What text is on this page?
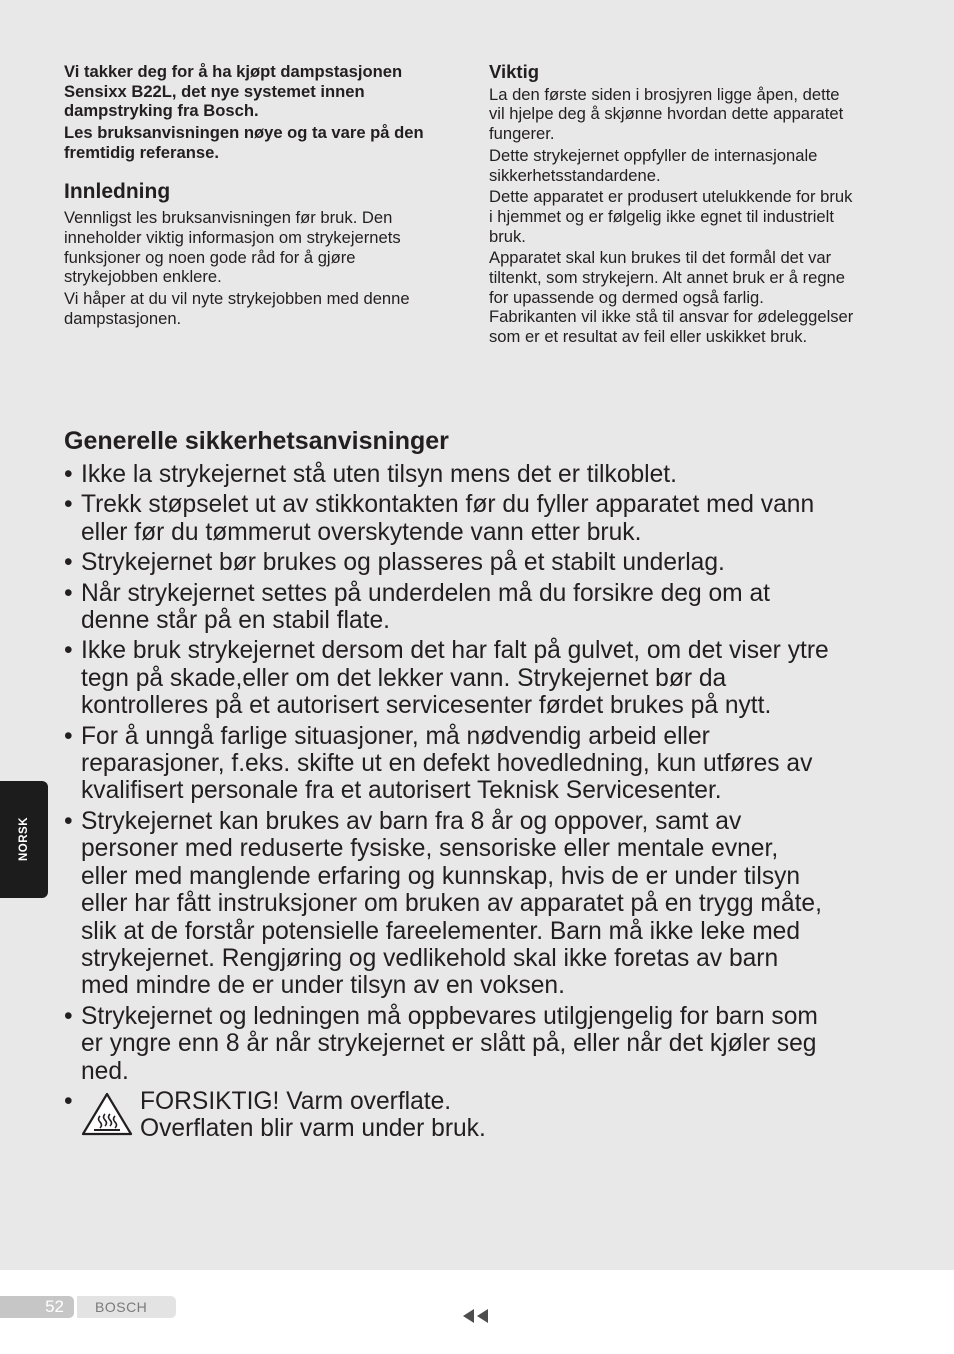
Vi takker deg for å ha kjøpt dampstasjonen
Sensixx B22L, det nye systemet innen
dampstryking fra Bosch.
Les bruksanvisningen nøye og ta vare på den
fremtidig referanse.
Innledning
Vennligst les bruksanvisningen før bruk. Den
inneholder viktig informasjon om strykejernets
funksjoner og noen gode råd for å gjøre
strykejobben enklere.
Vi håper at du vil nyte strykejobben med denne
dampstasjonen.
Viktig
La den første siden i brosjyren ligge åpen, dette
vil hjelpe deg å skjønne hvordan dette apparatet
fungerer.
Dette strykejernet oppfyller de internasjonale
sikkerhetsstandardene.
Dette apparatet er produsert utelukkende for bruk
i hjemmet og er følgelig ikke egnet til industrielt
bruk.
Apparatet skal kun brukes til det formål det var
tiltenkt, som strykejern. Alt annet bruk er å regne
for upassende og dermed også farlig.
Fabrikanten vil ikke stå til ansvar for ødeleggelser
som er et resultat av feil eller uskikket bruk.
Generelle sikkerhetsanvisninger
• Ikke la strykejernet stå uten tilsyn mens det er tilkoblet.
• Trekk støpselet ut av stikkontakten før du fyller apparatet med vann
eller før du tømmerut overskytende vann etter bruk.
• Strykejernet bør brukes og plasseres på et stabilt underlag.
• Når strykejernet settes på underdelen må du forsikre deg om at
denne står på en stabil flate.
• Ikke bruk strykejernet dersom det har falt på gulvet, om det viser ytre
tegn på skade,eller om det lekker vann. Strykejernet bør da
kontrolleres på et autorisert servicesenter førdet brukes på nytt.
• For å unngå farlige situasjoner, må nødvendig arbeid eller
reparasjoner, f.eks. skifte ut en defekt hovedledning, kun utføres av
kvalifisert personale fra et autorisert Teknisk Servicesenter.
• Strykejernet kan brukes av barn fra 8 år og oppover, samt av
personer med reduserte fysiske, sensoriske eller mentale evner,
eller med manglende erfaring og kunnskap, hvis de er under tilsyn
eller har fått instruksjoner om bruken av apparatet på en trygg måte,
slik at de forstår potensielle fareelementer. Barn må ikke leke med
strykejernet. Rengjøring og vedlikehold skal ikke foretas av barn
med mindre de er under tilsyn av en voksen.
• Strykejernet og ledningen må oppbevares utilgjengelig for barn som
er yngre enn 8 år når strykejernet er slått på, eller når det kjøler seg
ned.
•	FORSIKTIG! Varm overflate.
Overflaten blir varm under bruk.
NORSK
52	BOSCH
